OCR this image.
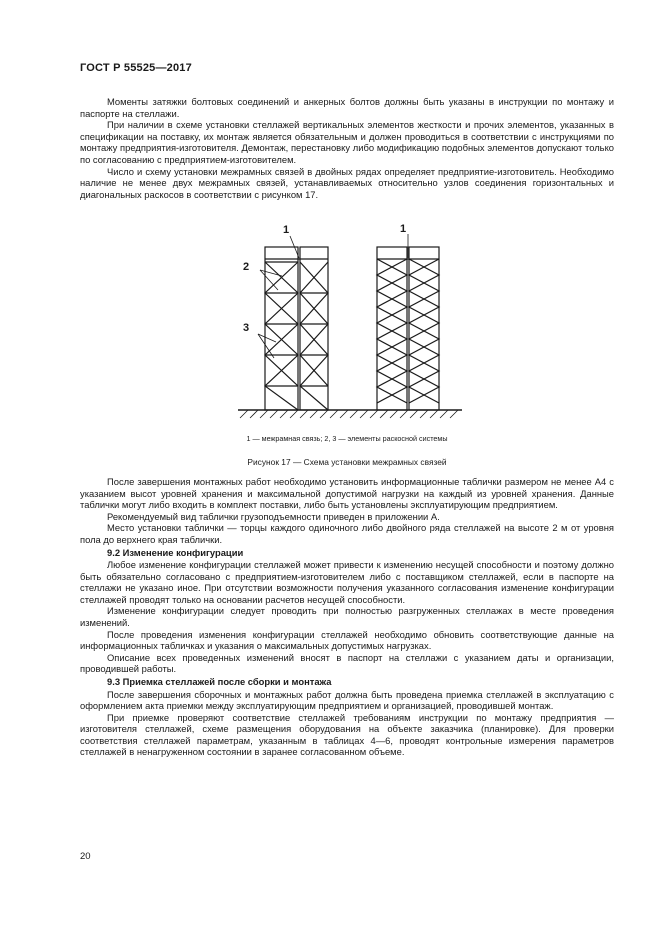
ГОСТ Р 55525—2017

Моменты затяжки болтовых соединений и анкерных болтов должны быть указаны в инструкции по монтажу и паспорте на стеллажи.

При наличии в схеме установки стеллажей вертикальных элементов жесткости и прочих элементов, указанных в спецификации на поставку, их монтаж является обязательным и должен проводиться в соответствии с инструкциями по монтажу предприятия-изготовителя. Демонтаж, перестановку либо модификацию подобных элементов допускают только по согласованию с предприятием-изготовителем.

Число и схему установки межрамных связей в двойных рядах определяет предприятие-изготовитель. Необходимо наличие не менее двух межрамных связей, устанавливаемых относительно узлов соединения горизонтальных и диагональных раскосов в соответствии с рисунком 17.

1
2
3
1
1 — межрамная связь; 2, 3 — элементы раскосной системы
Рисунок 17 — Схема установки межрамных связей

После завершения монтажных работ необходимо установить информационные таблички размером не менее А4 с указанием высот уровней хранения и максимальной допустимой нагрузки на каждый из уровней хранения. Данные таблички могут либо входить в комплект поставки, либо быть установлены эксплуатирующим предприятием.

Рекомендуемый вид таблички грузоподъемности приведен в приложении А.

Место установки таблички — торцы каждого одиночного либо двойного ряда стеллажей на высоте 2 м от уровня пола до верхнего края таблички.

9.2 Изменение конфигурации

Любое изменение конфигурации стеллажей может привести к изменению несущей способности и поэтому должно быть обязательно согласовано с предприятием-изготовителем либо с поставщиком стеллажей, если в паспорте на стеллажи не указано иное. При отсутствии возможности получения указанного согласования изменение конфигурации стеллажей проводят только на основании расчетов несущей способности.

Изменение конфигурации следует проводить при полностью разгруженных стеллажах в месте проведения изменений.

После проведения изменения конфигурации стеллажей необходимо обновить соответствующие данные на информационных табличках и указания о максимальных допустимых нагрузках.

Описание всех проведенных изменений вносят в паспорт на стеллажи с указанием даты и организации, проводившей работы.

9.3 Приемка стеллажей после сборки и монтажа

После завершения сборочных и монтажных работ должна быть проведена приемка стеллажей в эксплуатацию с оформлением акта приемки между эксплуатирующим предприятием и организацией, проводившей монтаж.

При приемке проверяют соответствие стеллажей требованиям инструкции по монтажу предприятия — изготовителя стеллажей, схеме размещения оборудования на объекте заказчика (планировке). Для проверки соответствия стеллажей параметрам, указанным в таблицах 4—6, проводят контрольные измерения параметров стеллажей в ненагруженном состоянии в заранее согласованном объеме.

20
